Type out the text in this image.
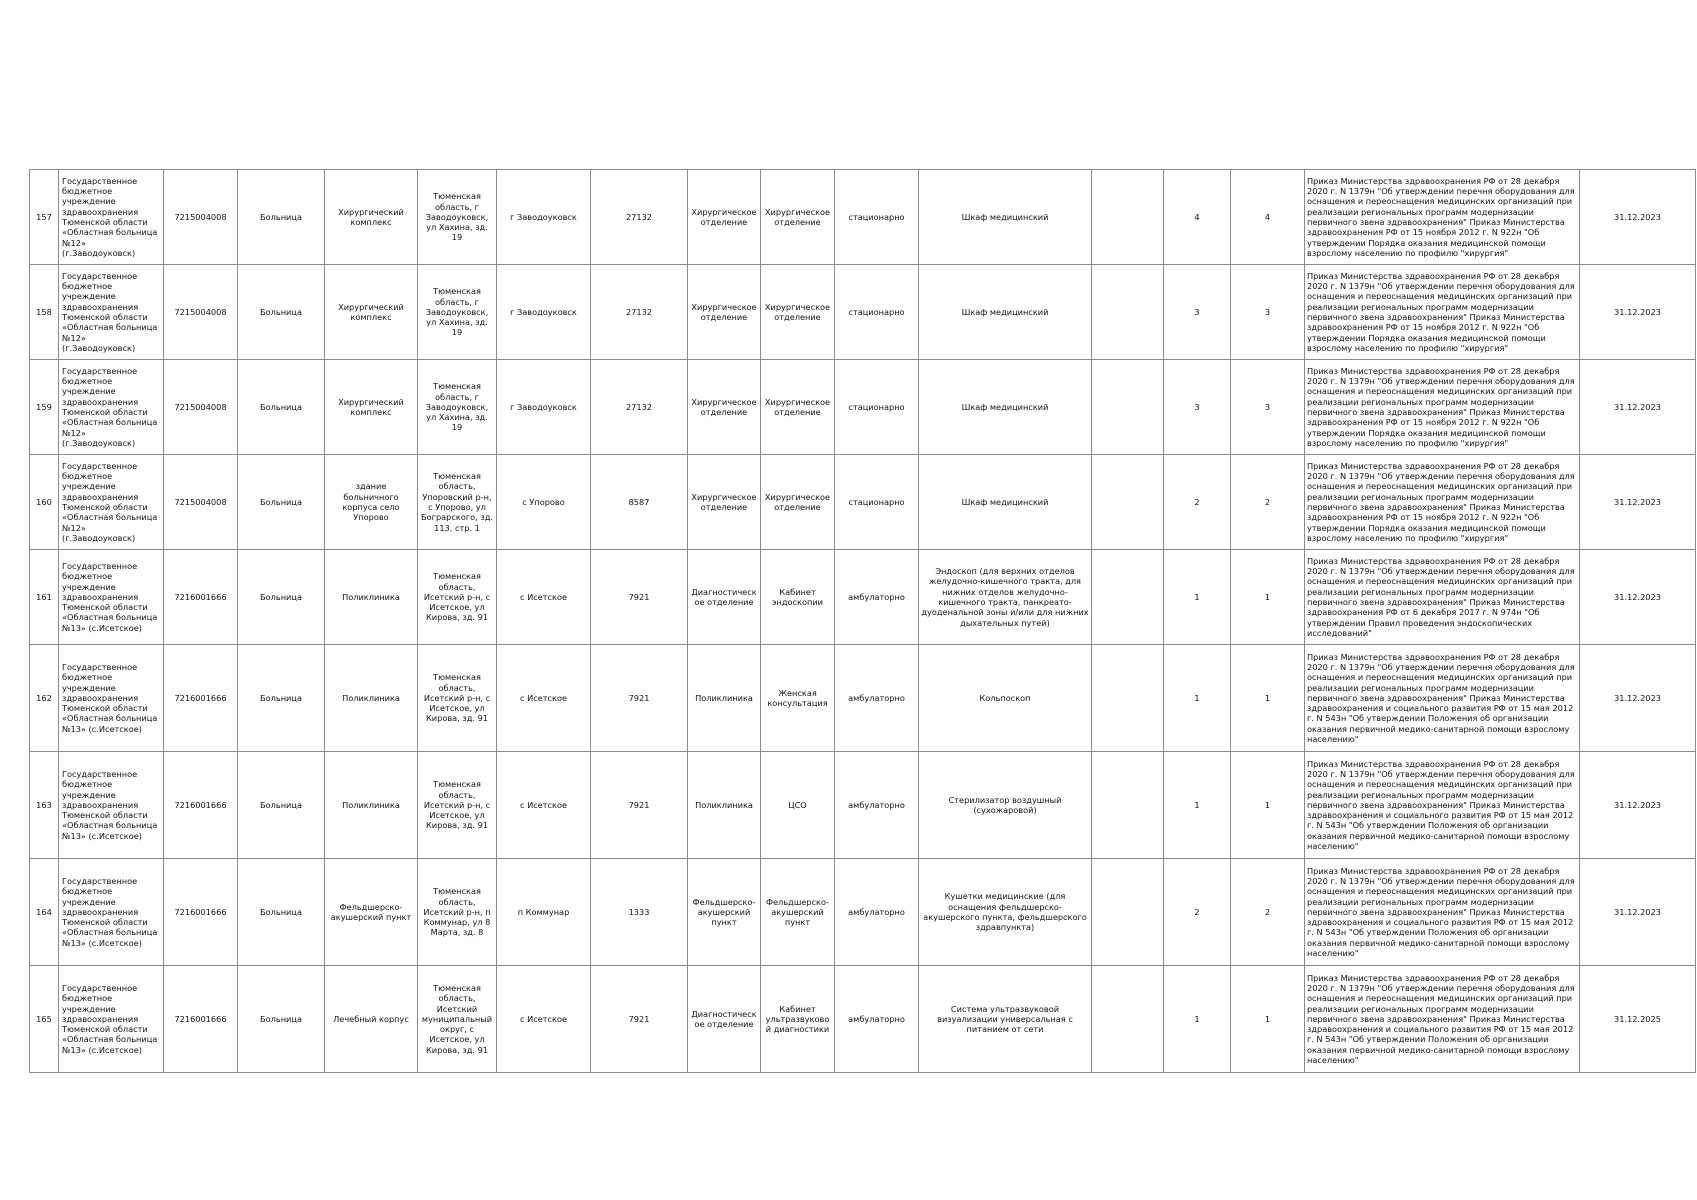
157	Государственное бюджетное учреждение здравоохранения Тюменской области «Областная больница №12» (г.Заводоуковск)	7215004008	Больница	Хирургический комплекс	Тюменская область, г Заводоуковск, ул Хахина, зд. 19	г Заводоуковск	27132	Хирургическое отделение	Хирургическое отделение	стационарно	Шкаф медицинский		4	4	Приказ Министерства здравоохранения РФ от 28 декабря 2020 г. N 1379н "Об утверждении перечня оборудования для оснащения и переоснащения медицинских организаций при реализации региональных программ модернизации первичного звена здравоохранения" Приказ Министерства здравоохранения РФ от 15 ноября 2012 г. N 922н "Об утверждении Порядка оказания медицинской помощи взрослому населению по профилю "хирургия"	31.12.2023
158	Государственное бюджетное учреждение здравоохранения Тюменской области «Областная больница №12» (г.Заводоуковск)	7215004008	Больница	Хирургический комплекс	Тюменская область, г Заводоуковск, ул Хахина, зд. 19	г Заводоуковск	27132	Хирургическое отделение	Хирургическое отделение	стационарно	Шкаф медицинский		3	3	Приказ Министерства здравоохранения РФ от 28 декабря 2020 г. N 1379н "Об утверждении перечня оборудования для оснащения и переоснащения медицинских организаций при реализации региональных программ модернизации первичного звена здравоохранения" Приказ Министерства здравоохранения РФ от 15 ноября 2012 г. N 922н "Об утверждении Порядка оказания медицинской помощи взрослому населению по профилю "хирургия"	31.12.2023
159	Государственное бюджетное учреждение здравоохранения Тюменской области «Областная больница №12» (г.Заводоуковск)	7215004008	Больница	Хирургический комплекс	Тюменская область, г Заводоуковск, ул Хахина, зд. 19	г Заводоуковск	27132	Хирургическое отделение	Хирургическое отделение	стационарно	Шкаф медицинский		3	3	Приказ Министерства здравоохранения РФ от 28 декабря 2020 г. N 1379н "Об утверждении перечня оборудования для оснащения и переоснащения медицинских организаций при реализации региональных программ модернизации первичного звена здравоохранения" Приказ Министерства здравоохранения РФ от 15 ноября 2012 г. N 922н "Об утверждении Порядка оказания медицинской помощи взрослому населению по профилю "хирургия"	31.12.2023
160	Государственное бюджетное учреждение здравоохранения Тюменской области «Областная больница №12» (г.Заводоуковск)	7215004008	Больница	здание больничного корпуса село Упорово	Тюменская область, Упоровский р-н, с Упорово, ул Бограрского, зд. 113, стр. 1	с Упорово	8587	Хирургическое отделение	Хирургическое отделение	стационарно	Шкаф медицинский		2	2	Приказ Министерства здравоохранения РФ от 28 декабря 2020 г. N 1379н "Об утверждении перечня оборудования для оснащения и переоснащения медицинских организаций при реализации региональных программ модернизации первичного звена здравоохранения" Приказ Министерства здравоохранения РФ от 15 ноября 2012 г. N 922н "Об утверждении Порядка оказания медицинской помощи взрослому населению по профилю "хирургия"	31.12.2023
161	Государственное бюджетное учреждение здравоохранения Тюменской области «Областная больница №13» (с.Исетское)	7216001666	Больница	Поликлиника	Тюменская область, Исетский р-н, с Исетское, ул Кирова, зд. 91	с Исетское	7921	Диагностическое отделение	Кабинет эндоскопии	амбулаторно	Эндоскоп (для верхних отделов желудочно-кишечного тракта, для нижних отделов желудочно-кишечного тракта, панкреато-дуоденальной зоны и/или для нижних дыхательных путей)		1	1	Приказ Министерства здравоохранения РФ от 28 декабря 2020 г. N 1379н "Об утверждении перечня оборудования для оснащения и переоснащения медицинских организаций при реализации региональных программ модернизации первичного звена здравоохранения" Приказ Министерства здравоохранения РФ от 6 декабря 2017 г. N 974н "Об утверждении Правил проведения эндоскопических исследований"	31.12.2023
162	Государственное бюджетное учреждение здравоохранения Тюменской области «Областная больница №13» (с.Исетское)	7216001666	Больница	Поликлиника	Тюменская область, Исетский р-н, с Исетское, ул Кирова, зд. 91	с Исетское	7921	Поликлиника	Женская консультация	амбулаторно	Кольпоскоп		1	1	Приказ Министерства здравоохранения РФ от 28 декабря 2020 г. N 1379н "Об утверждении перечня оборудования для оснащения и переоснащения медицинских организаций при реализации региональных программ модернизации первичного звена здравоохранения" Приказ Министерства здравоохранения и социального развития РФ от 15 мая 2012 г. N 543н "Об утверждении Положения об организации оказания первичной медико-санитарной помощи взрослому населению"	31.12.2023
163	Государственное бюджетное учреждение здравоохранения Тюменской области «Областная больница №13» (с.Исетское)	7216001666	Больница	Поликлиника	Тюменская область, Исетский р-н, с Исетское, ул Кирова, зд. 91	с Исетское	7921	Поликлиника	ЦСО	амбулаторно	Стерилизатор воздушный (сухожаровой)		1	1	Приказ Министерства здравоохранения РФ от 28 декабря 2020 г. N 1379н "Об утверждении перечня оборудования для оснащения и переоснащения медицинских организаций при реализации региональных программ модернизации первичного звена здравоохранения" Приказ Министерства здравоохранения и социального развития РФ от 15 мая 2012 г. N 543н "Об утверждении Положения об организации оказания первичной медико-санитарной помощи взрослому населению"	31.12.2023
164	Государственное бюджетное учреждение здравоохранения Тюменской области «Областная больница №13» (с.Исетское)	7216001666	Больница	Фельдшерско-акушерский пункт	Тюменская область, Исетский р-н, п Коммунар, ул 8 Марта, зд. 8	п Коммунар	1333	Фельдшерско-акушерский пункт	Фельдшерско-акушерский пункт	амбулаторно	Кушетки медицинские (для оснащения фельдшерско-акушерского пункта, фельдшерского здравпункта)		2	2	Приказ Министерства здравоохранения РФ от 28 декабря 2020 г. N 1379н "Об утверждении перечня оборудования для оснащения и переоснащения медицинских организаций при реализации региональных программ модернизации первичного звена здравоохранения" Приказ Министерства здравоохранения и социального развития РФ от 15 мая 2012 г. N 543н "Об утверждении Положения об организации оказания первичной медико-санитарной помощи взрослому населению"	31.12.2023
165	Государственное бюджетное учреждение здравоохранения Тюменской области «Областная больница №13» (с.Исетское)	7216001666	Больница	Лечебный корпус	Тюменская область, Исетский муниципальный округ, с Исетское, ул Кирова, зд. 91	с Исетское	7921	Диагностическое отделение	Кабинет ультразвуковой диагностики	амбулаторно	Система ультразвуковой визуализации универсальная с питанием от сети		1	1	Приказ Министерства здравоохранения РФ от 28 декабря 2020 г. N 1379н "Об утверждении перечня оборудования для оснащения и переоснащения медицинских организаций при реализации региональных программ модернизации первичного звена здравоохранения" Приказ Министерства здравоохранения и социального развития РФ от 15 мая 2012 г. N 543н "Об утверждении Положения об организации оказания первичной медико-санитарной помощи взрослому населению"	31.12.2025
